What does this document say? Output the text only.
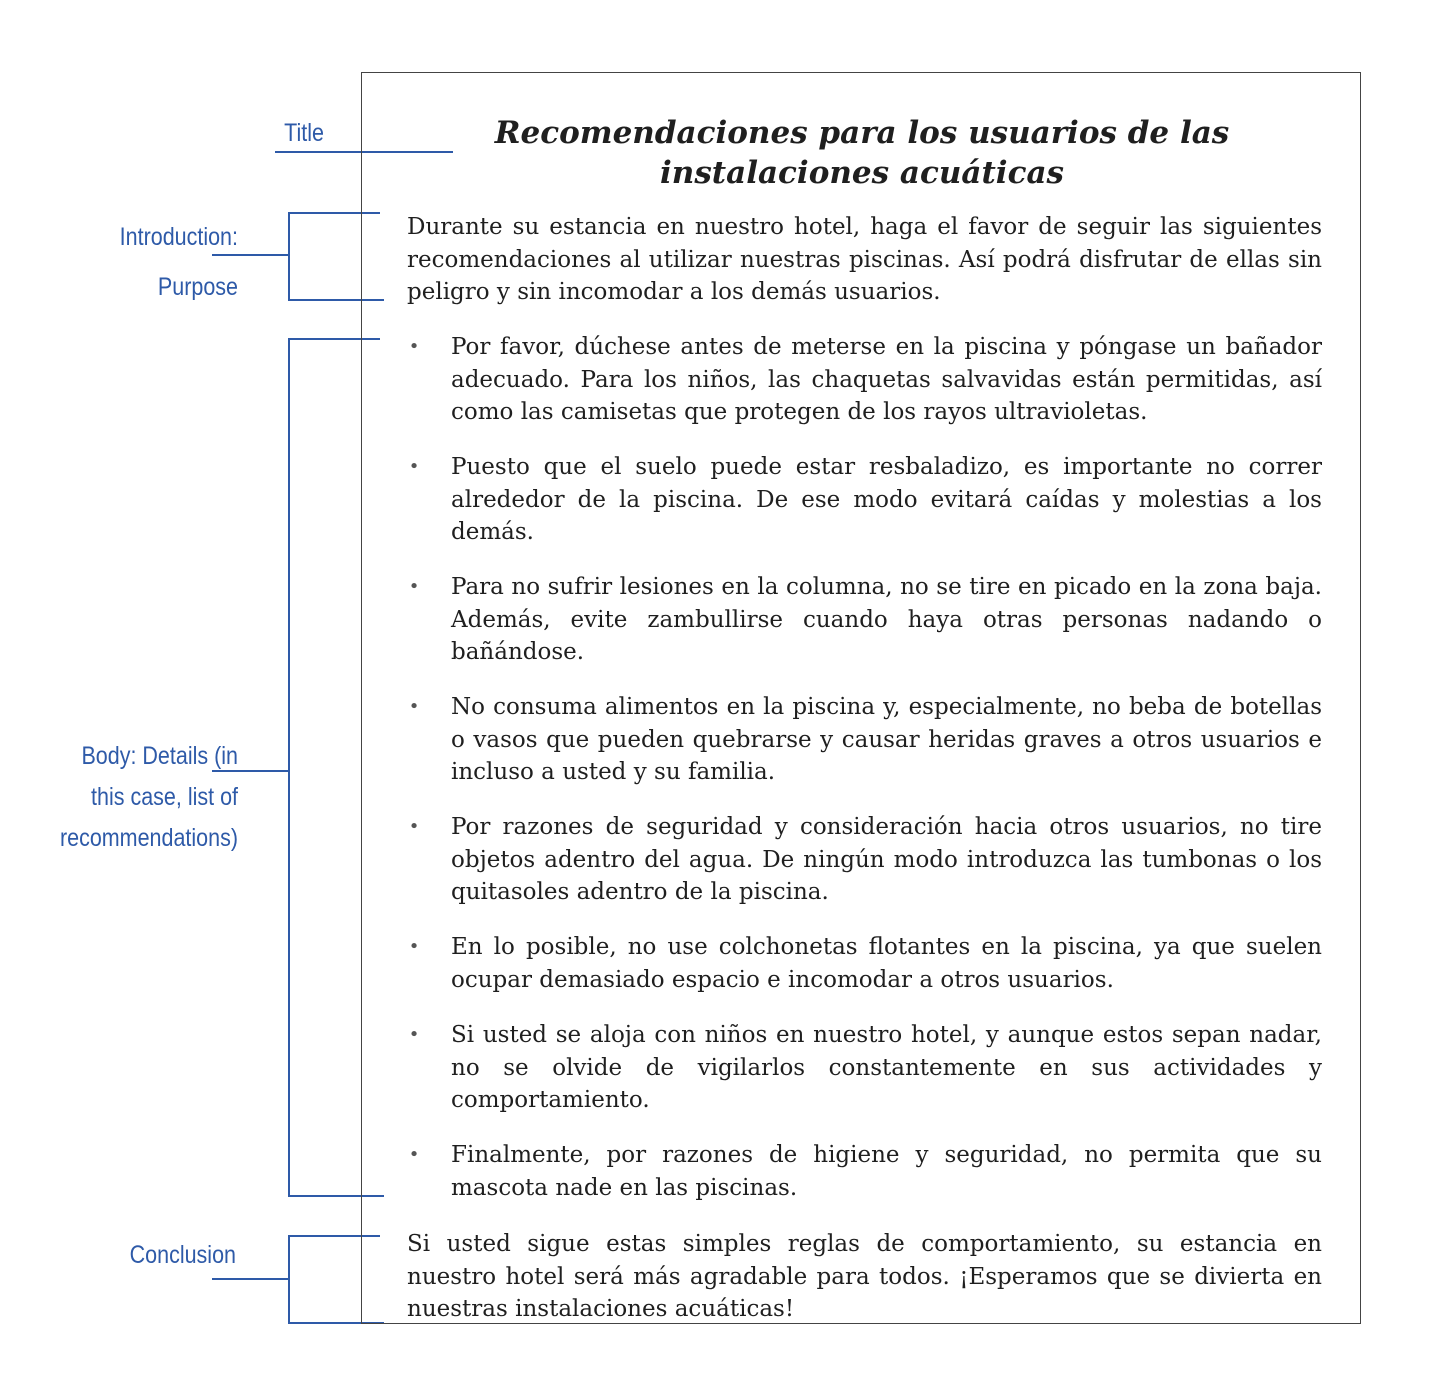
Title
Introduction:
Purpose
Body: Details (in
this case, list of
recommendations)
Conclusion
Recomendaciones para los usuarios de las
instalaciones acuáticas
Durante su estancia en nuestro hotel, haga el favor de seguir las siguientes recomendaciones al utilizar nuestras piscinas. Así podrá disfrutar de ellas sin peligro y sin incomodar a los demás usuarios.
• Por favor, dúchese antes de meterse en la piscina y póngase un bañador adecuado. Para los niños, las chaquetas salvavidas están permitidas, así como las camisetas que protegen de los rayos ultravioletas.
• Puesto que el suelo puede estar resbaladizo, es importante no correr alrededor de la piscina. De ese modo evitará caídas y molestias a los demás.
• Para no sufrir lesiones en la columna, no se tire en picado en la zona baja. Además, evite zambullirse cuando haya otras personas nadando o bañándose.
• No consuma alimentos en la piscina y, especialmente, no beba de botellas o vasos que pueden quebrarse y causar heridas graves a otros usuarios e incluso a usted y su familia.
• Por razones de seguridad y consideración hacia otros usuarios, no tire objetos adentro del agua. De ningún modo introduzca las tumbonas o los quitasoles adentro de la piscina.
• En lo posible, no use colchonetas flotantes en la piscina, ya que suelen ocupar demasiado espacio e incomodar a otros usuarios.
• Si usted se aloja con niños en nuestro hotel, y aunque estos sepan nadar, no se olvide de vigilarlos constantemente en sus actividades y comportamiento.
• Finalmente, por razones de higiene y seguridad, no permita que su mascota nade en las piscinas.
Si usted sigue estas simples reglas de comportamiento, su estancia en nuestro hotel será más agradable para todos. ¡Esperamos que se divierta en nuestras instalaciones acuáticas!
